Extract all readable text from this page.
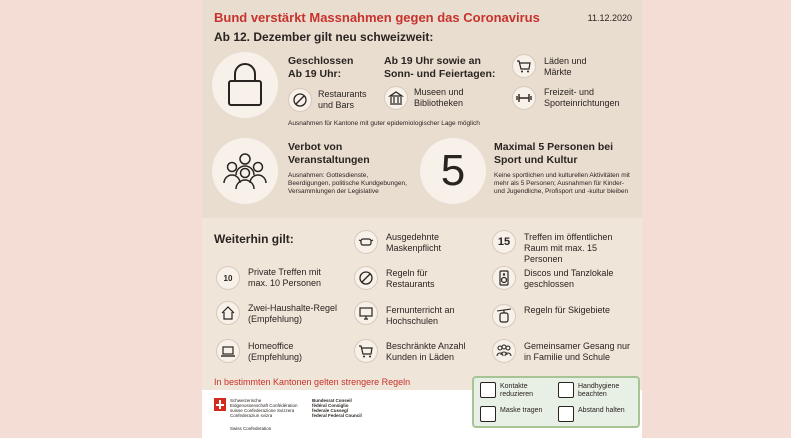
Bund verstärkt Massnahmen gegen das Coronavirus	11.12.2020
Ab 12. Dezember gilt neu schweizweit:
Geschlossen Ab 19 Uhr:
Restaurants und Bars
Ab 19 Uhr sowie an Sonn- und Feiertagen:
Museen und Bibliotheken
Läden und Märkte
Freizeit- und Sporteinrichtungen
Ausnahmen für Kantone mit guter epidemiologischer Lage möglich
Verbot von Veranstaltungen
Ausnahmen: Gottesdienste, Beerdigungen, politische Kundgebungen, Versammlungen der Legislative	5	Maximal 5 Personen bei Sport und Kultur
Keine sportlichen und kulturellen Aktivitäten mit mehr als 5 Personen; Ausnahmen für Kinder- und Jugendliche, Profisport und -kultur bleiben
Weiterhin gilt:	Ausgedehnte Maskenpflicht	15 Treffen im öffentlichen Raum mit max. 15 Personen
10
Private Treffen mit max. 10 Personen
Regeln für Restaurants
Discos und Tanzlokale geschlossen
Zwei-Haushalte-Regel (Empfehlung)
Fernunterricht an Hochschulen
Regeln für Skigebiete
Homeoffice (Empfehlung)
Beschränkte Anzahl Kunden in Läden
Gemeinsamer Gesang nur in Familie und Schule
In bestimmten Kantonen gelten strengere Regeln	Kontakte reduzieren
Handhygiene beachten
Maske tragen	Abstand halten
Schweizerische Eidgenossenschaft Confédération suisse Confederazione Svizzera Confederaziun svizra
Swiss Confederation
Bundesrat Conseil fédéral Consiglio federale Cussegl federal Federal Council
